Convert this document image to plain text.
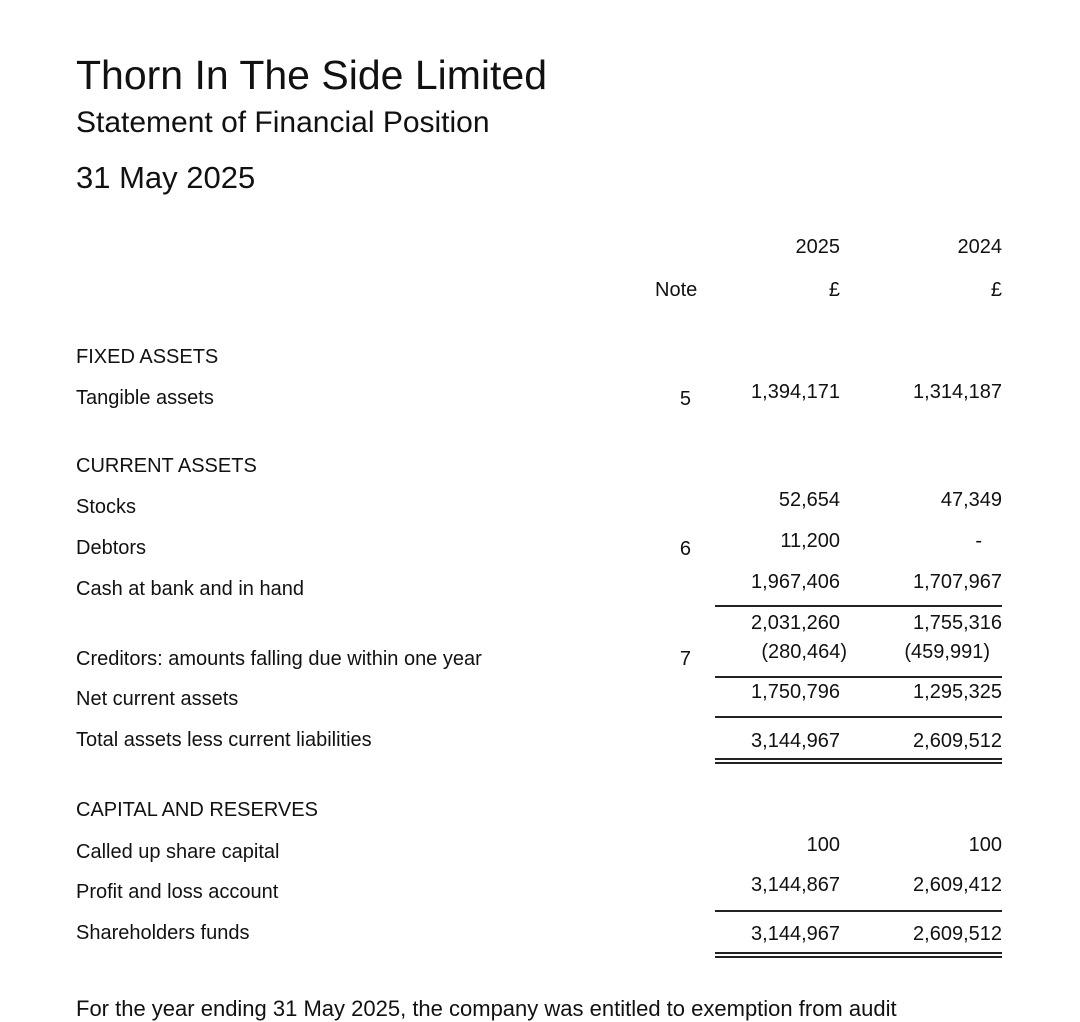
Thorn In The Side Limited
Statement of Financial Position
31 May 2025
2025	2024
Note	£	£
FIXED ASSETS
Tangible assets	5	1,394,171	1,314,187
CURRENT ASSETS
Stocks	52,654	47,349
Debtors	6	11,200	-
Cash at bank and in hand	1,967,406	1,707,967
2,031,260	1,755,316
Creditors: amounts falling due within one year	7	(280,464)	(459,991)
Net current assets	1,750,796	1,295,325
Total assets less current liabilities	3,144,967	2,609,512
CAPITAL AND RESERVES
Called up share capital	100	100
Profit and loss account	3,144,867	2,609,412
Shareholders funds	3,144,967	2,609,512
For the year ending 31 May 2025, the company was entitled to exemption from audit
